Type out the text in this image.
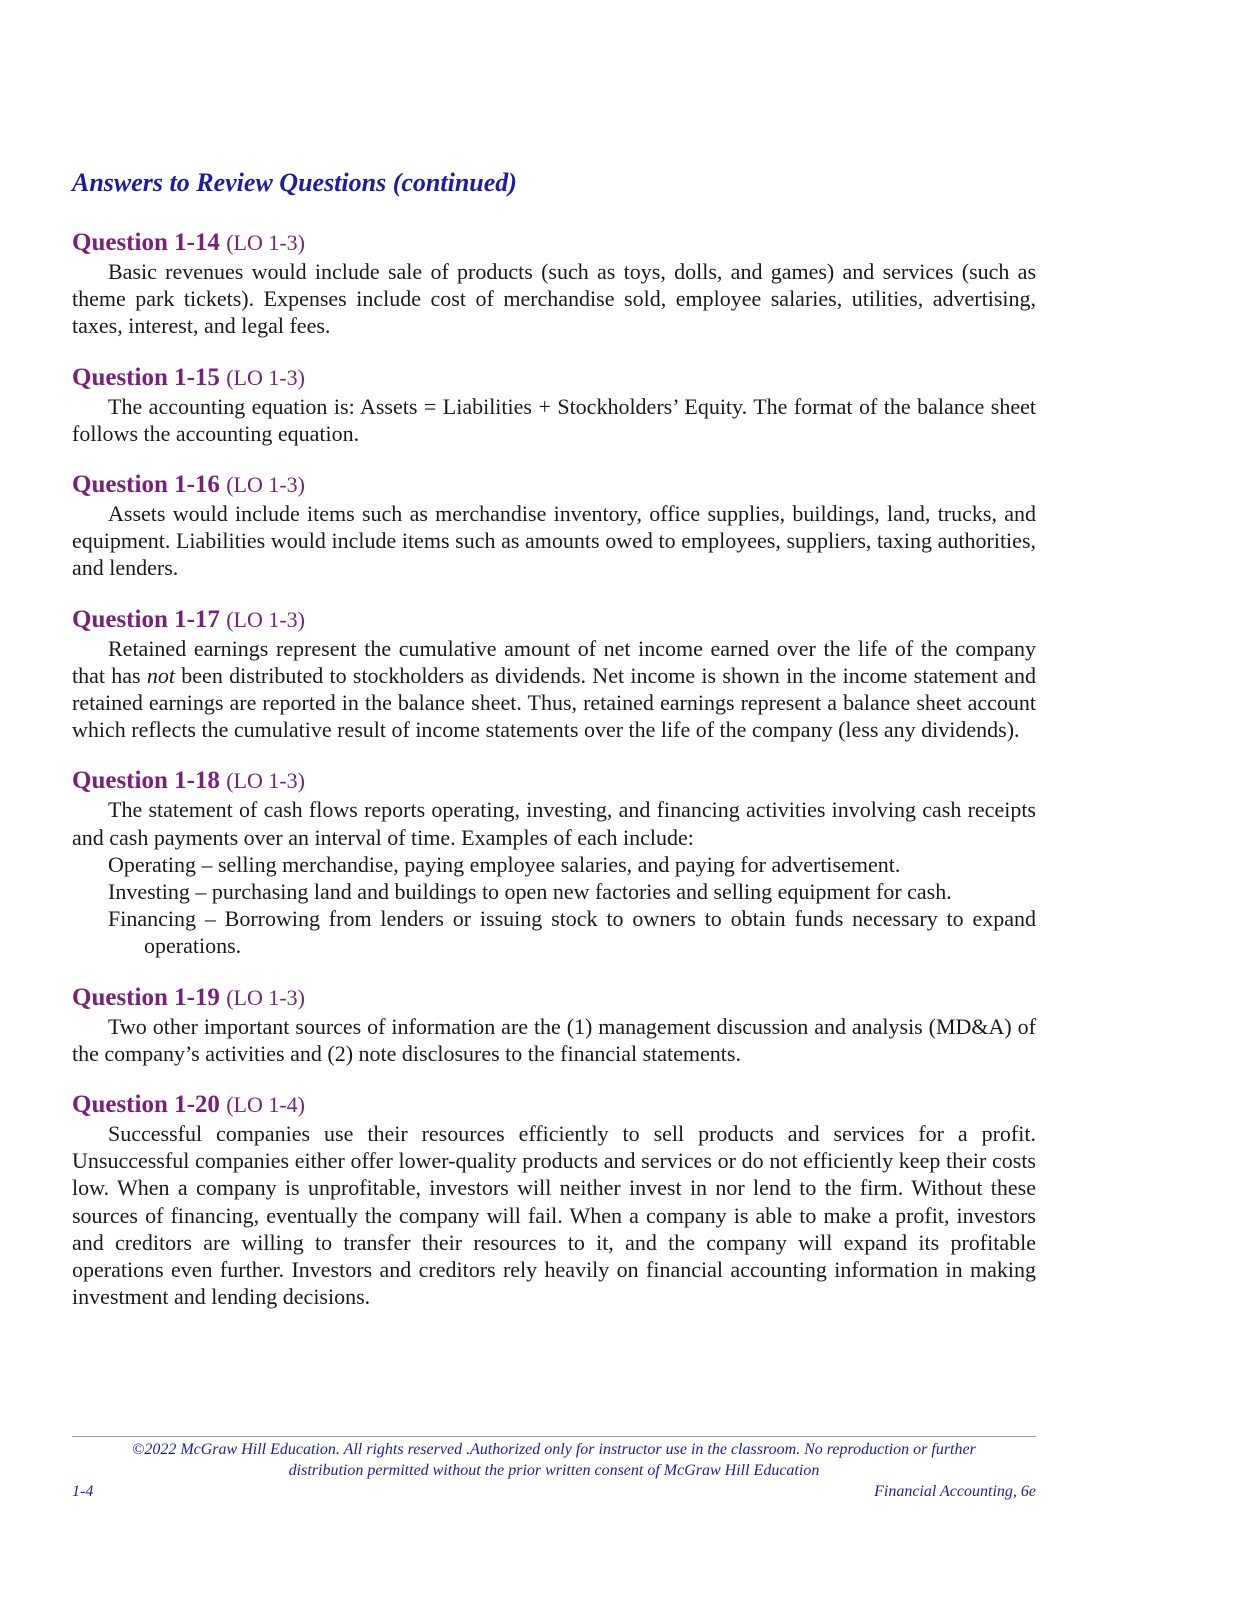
Answers to Review Questions (continued)
Question 1-14 (LO 1-3)

Basic revenues would include sale of products (such as toys, dolls, and games) and services (such as theme park tickets). Expenses include cost of merchandise sold, employee salaries, utilities, advertising, taxes, interest, and legal fees.

Question 1-15 (LO 1-3)

The accounting equation is: Assets = Liabilities + Stockholders’ Equity. The format of the balance sheet follows the accounting equation.

Question 1-16 (LO 1-3)

Assets would include items such as merchandise inventory, office supplies, buildings, land, trucks, and equipment. Liabilities would include items such as amounts owed to employees, suppliers, taxing authorities, and lenders.

Question 1-17 (LO 1-3)

Retained earnings represent the cumulative amount of net income earned over the life of the company that has not been distributed to stockholders as dividends. Net income is shown in the income statement and retained earnings are reported in the balance sheet. Thus, retained earnings represent a balance sheet account which reflects the cumulative result of income statements over the life of the company (less any dividends).

Question 1-18 (LO 1-3)

The statement of cash flows reports operating, investing, and financing activities involving cash receipts and cash payments over an interval of time. Examples of each include:

Operating – selling merchandise, paying employee salaries, and paying for advertisement.

Investing – purchasing land and buildings to open new factories and selling equipment for cash.

Financing – Borrowing from lenders or issuing stock to owners to obtain funds necessary to expand operations.

Question 1-19 (LO 1-3)

Two other important sources of information are the (1) management discussion and analysis (MD&A) of the company’s activities and (2) note disclosures to the financial statements.

Question 1-20 (LO 1-4)

Successful companies use their resources efficiently to sell products and services for a profit. Unsuccessful companies either offer lower-quality products and services or do not efficiently keep their costs low. When a company is unprofitable, investors will neither invest in nor lend to the firm. Without these sources of financing, eventually the company will fail. When a company is able to make a profit, investors and creditors are willing to transfer their resources to it, and the company will expand its profitable operations even further. Investors and creditors rely heavily on financial accounting information in making investment and lending decisions.

©2022 McGraw Hill Education. All rights reserved .Authorized only for instructor use in the classroom. No reproduction or further
distribution permitted without the prior written consent of McGraw Hill Education
1-4	Financial Accounting, 6e
